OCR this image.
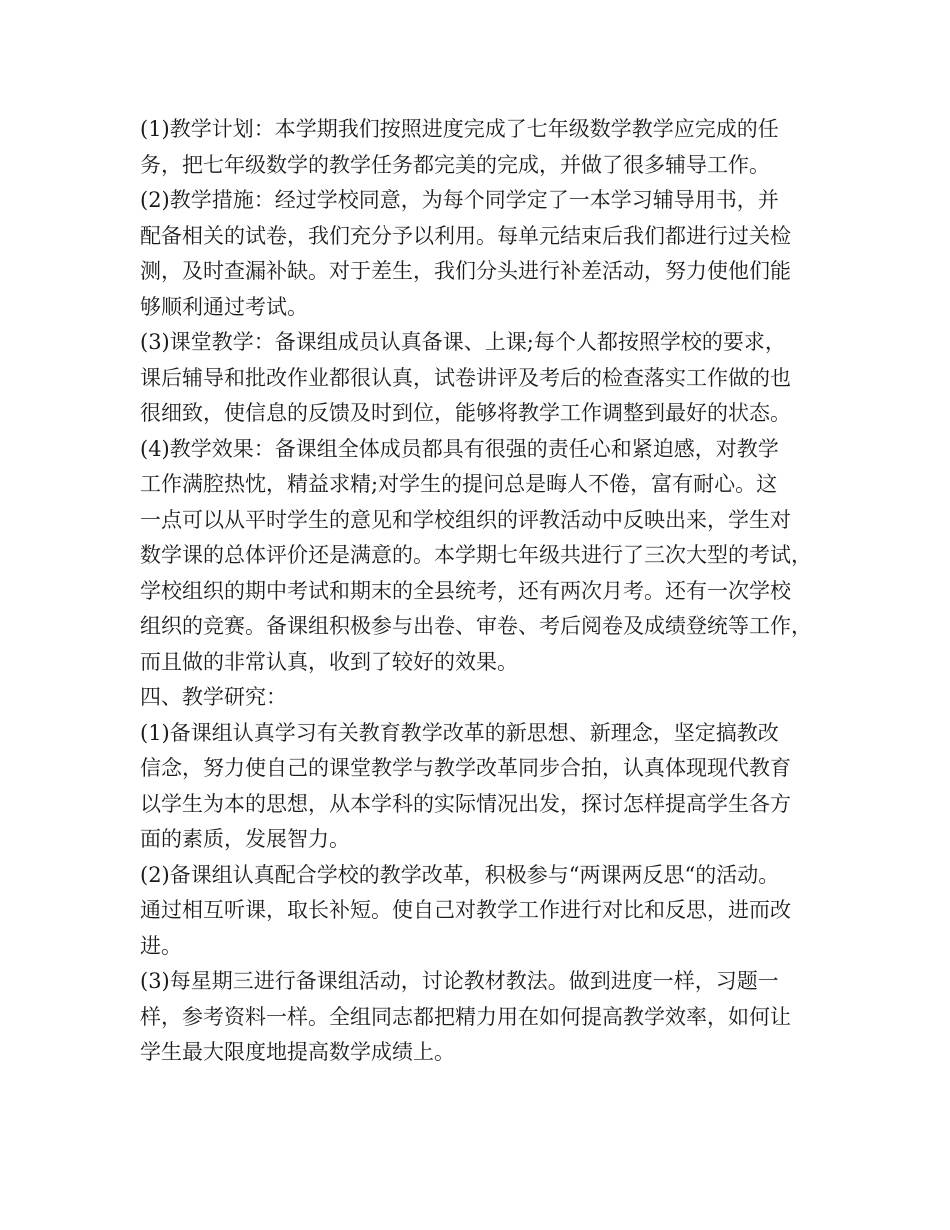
(1)教学计划：本学期我们按照进度完成了七年级数学教学应完成的任
务，把七年级数学的教学任务都完美的完成，并做了很多辅导工作。
(2)教学措施：经过学校同意，为每个同学定了一本学习辅导用书，并
配备相关的试卷，我们充分予以利用。每单元结束后我们都进行过关检
测，及时查漏补缺。对于差生，我们分头进行补差活动，努力使他们能
够顺利通过考试。
(3)课堂教学：备课组成员认真备课、上课;每个人都按照学校的要求，
课后辅导和批改作业都很认真，试卷讲评及考后的检查落实工作做的也
很细致，使信息的反馈及时到位，能够将教学工作调整到最好的状态。
(4)教学效果：备课组全体成员都具有很强的责任心和紧迫感，对教学
工作满腔热忱，精益求精;对学生的提问总是晦人不倦，富有耐心。这
一点可以从平时学生的意见和学校组织的评教活动中反映出来，学生对
数学课的总体评价还是满意的。本学期七年级共进行了三次大型的考试，
学校组织的期中考试和期末的全县统考，还有两次月考。还有一次学校
组织的竞赛。备课组积极参与出卷、审卷、考后阅卷及成绩登统等工作，
而且做的非常认真，收到了较好的效果。
四、教学研究：
(1)备课组认真学习有关教育教学改革的新思想、新理念，坚定搞教改
信念，努力使自己的课堂教学与教学改革同步合拍，认真体现现代教育
以学生为本的思想，从本学科的实际情况出发，探讨怎样提高学生各方
面的素质，发展智力。
(2)备课组认真配合学校的教学改革，积极参与“两课两反思“的活动。
通过相互听课，取长补短。使自己对教学工作进行对比和反思，进而改
进。
(3)每星期三进行备课组活动，讨论教材教法。做到进度一样，习题一
样，参考资料一样。全组同志都把精力用在如何提高教学效率，如何让
学生最大限度地提高数学成绩上。
